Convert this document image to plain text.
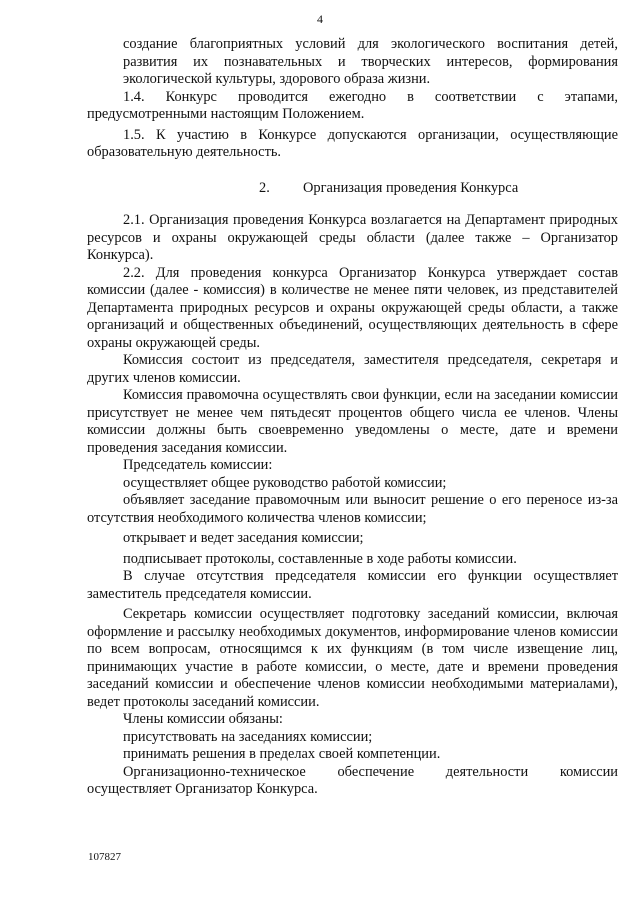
4

создание благоприятных условий для экологического воспитания детей, развития их познавательных и творческих интересов, формирования экологической культуры, здорового образа жизни.

1.4. Конкурс проводится ежегодно в соответствии с этапами, предусмотренными настоящим Положением.

1.5. К участию в Конкурсе допускаются организации, осуществляющие образовательную деятельность.

2. Организация проведения Конкурса

2.1. Организация проведения Конкурса возлагается на Департамент природных ресурсов и охраны окружающей среды области (далее также – Организатор Конкурса).

2.2. Для проведения конкурса Организатор Конкурса утверждает состав комиссии (далее - комиссия) в количестве не менее пяти человек, из представителей Департамента природных ресурсов и охраны окружающей среды области, а также организаций и общественных объединений, осуществляющих деятельность в сфере охраны окружающей среды.

Комиссия состоит из председателя, заместителя председателя, секретаря и других членов комиссии.

Комиссия правомочна осуществлять свои функции, если на заседании комиссии присутствует не менее чем пятьдесят процентов общего числа ее членов. Члены комиссии должны быть своевременно уведомлены о месте, дате и времени проведения заседания комиссии.

Председатель комиссии:

осуществляет общее руководство работой комиссии;

объявляет заседание правомочным или выносит решение о его переносе из-за отсутствия необходимого количества членов комиссии;

открывает и ведет заседания комиссии;

подписывает протоколы, составленные в ходе работы комиссии.

В случае отсутствия председателя комиссии его функции осуществляет заместитель председателя комиссии.

Секретарь комиссии осуществляет подготовку заседаний комиссии, включая оформление и рассылку необходимых документов, информирование членов комиссии по всем вопросам, относящимся к их функциям (в том числе извещение лиц, принимающих участие в работе комиссии, о месте, дате и времени проведения заседаний комиссии и обеспечение членов комиссии необходимыми материалами), ведет протоколы заседаний комиссии.

Члены комиссии обязаны:

присутствовать на заседаниях комиссии;

принимать решения в пределах своей компетенции.

Организационно-техническое обеспечение деятельности комиссии осуществляет Организатор Конкурса.

107827
